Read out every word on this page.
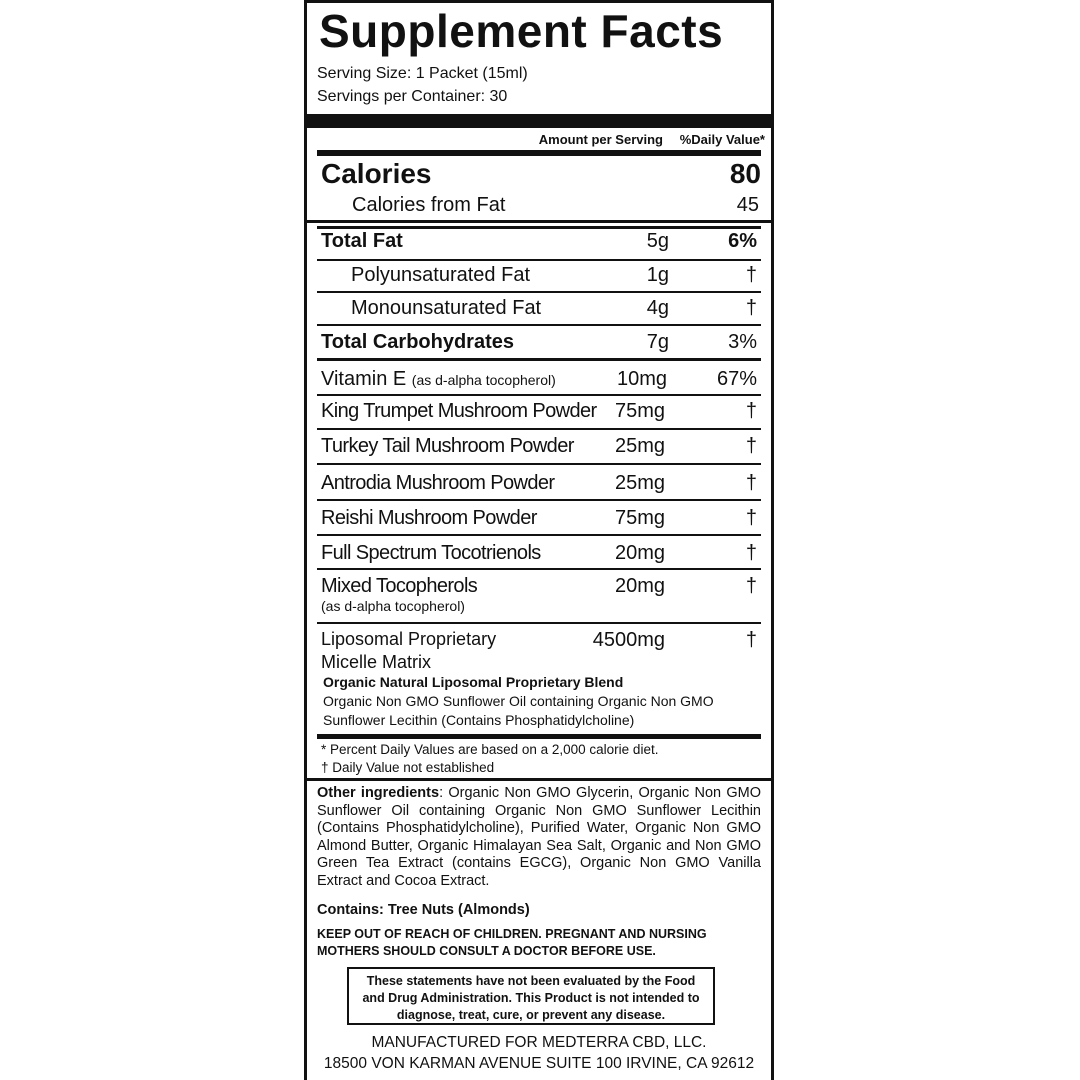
Supplement Facts
Serving Size: 1 Packet (15ml)
Servings per Container: 30
Amount per Serving %Daily Value*
Calories	80
Calories from Fat	45
Total Fat	5g	6%
Polyunsaturated Fat	1g	†
Monounsaturated Fat	4g	†
Total Carbohydrates	7g	3%
Vitamin E (as d-alpha tocopherol)	10mg 67%
King Trumpet Mushroom Powder 75mg	†
Turkey Tail Mushroom Powder 25mg	†
Antrodia Mushroom Powder	25mg	†
Reishi Mushroom Powder	75mg	†
Full Spectrum Tocotrienols	20mg	†
Mixed Tocopherols
(as d-alpha tocopherol)
20mg	†
Liposomal Proprietary
Micelle Matrix
4500mg	†
Organic Natural Liposomal Proprietary Blend
Organic Non GMO Sunflower Oil containing Organic Non GMO
Sunflower Lecithin (Contains Phosphatidylcholine)
* Percent Daily Values are based on a 2,000 calorie diet.
† Daily Value not established
Other ingredients: Organic Non GMO Glycerin, Organic Non GMO Sunflower Oil containing Organic Non GMO Sunflower Lecithin (Contains Phosphatidylcholine), Purified Water, Organic Non GMO Almond Butter, Organic Himalayan Sea Salt, Organic and Non GMO Green Tea Extract (contains EGCG), Organic Non GMO Vanilla Extract and Cocoa Extract.
Contains: Tree Nuts (Almonds)
KEEP OUT OF REACH OF CHILDREN. PREGNANT AND NURSING
MOTHERS SHOULD CONSULT A DOCTOR BEFORE USE.
These statements have not been evaluated by the Food
and Drug Administration. This Product is not intended to
diagnose, treat, cure, or prevent any disease.
MANUFACTURED FOR MEDTERRA CBD, LLC.
18500 VON KARMAN AVENUE SUITE 100 IRVINE, CA 92612
